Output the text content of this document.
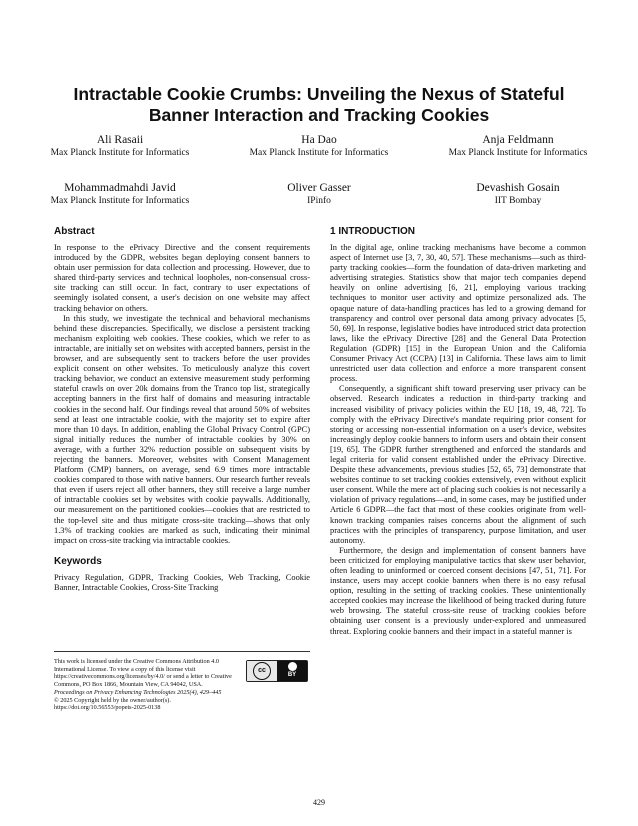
Intractable Cookie Crumbs: Unveiling the Nexus of Stateful
Banner Interaction and Tracking Cookies
Ali Rasaii
Max Planck Institute for Informatics
Ha Dao
Max Planck Institute for Informatics
Anja Feldmann
Max Planck Institute for Informatics
Mohammadmahdi Javid
Max Planck Institute for Informatics
Oliver Gasser
IPinfo
Devashish Gosain
IIT Bombay
Abstract

In response to the ePrivacy Directive and the consent requirements introduced by the GDPR, websites began deploying consent banners to obtain user permission for data collection and processing. However, due to shared third-party services and technical loopholes, non-consensual cross-site tracking can still occur. In fact, contrary to user expectations of seemingly isolated consent, a user's decision on one website may affect tracking behavior on others.

In this study, we investigate the technical and behavioral mechanisms behind these discrepancies. Specifically, we disclose a persistent tracking mechanism exploiting web cookies. These cookies, which we refer to as intractable, are initially set on websites with accepted banners, persist in the browser, and are subsequently sent to trackers before the user provides explicit consent on other websites. To meticulously analyze this covert tracking behavior, we conduct an extensive measurement study performing stateful crawls on over 20k domains from the Tranco top list, strategically accepting banners in the first half of domains and measuring intractable cookies in the second half. Our findings reveal that around 50% of websites send at least one intractable cookie, with the majority set to expire after more than 10 days. In addition, enabling the Global Privacy Control (GPC) signal initially reduces the number of intractable cookies by 30% on average, with a further 32% reduction possible on subsequent visits by rejecting the banners. Moreover, websites with Consent Management Platform (CMP) banners, on average, send 6.9 times more intractable cookies compared to those with native banners. Our research further reveals that even if users reject all other banners, they still receive a large number of intractable cookies set by websites with cookie paywalls. Additionally, our measurement on the partitioned cookies—cookies that are restricted to the top-level site and thus mitigate cross-site tracking—shows that only 1.3% of tracking cookies are marked as such, indicating their minimal impact on cross-site tracking via intractable cookies.

Keywords

Privacy Regulation, GDPR, Tracking Cookies, Web Tracking, Cookie Banner, Intractable Cookies, Cross-Site Tracking

This work is licensed under the Creative Commons Attribution 4.0 International License. To view a copy of this license visit https://creativecommons.org/licenses/by/4.0/ or send a letter to Creative Commons, PO Box 1866, Mountain View, CA 94042, USA.
Proceedings on Privacy Enhancing Technologies 2025(4), 429–445
© 2025 Copyright held by the owner/author(s).
https://doi.org/10.56553/popets-2025-0138
cc
BY
1 INTRODUCTION

In the digital age, online tracking mechanisms have become a common aspect of Internet use [3, 7, 30, 40, 57]. These mechanisms—such as third-party tracking cookies—form the foundation of data-driven marketing and advertising strategies. Statistics show that major tech companies depend heavily on online advertising [6, 21], employing various tracking techniques to monitor user activity and optimize personalized ads. The opaque nature of data-handling practices has led to a growing demand for transparency and control over personal data among privacy advocates [5, 50, 69]. In response, legislative bodies have introduced strict data protection laws, like the ePrivacy Directive [28] and the General Data Protection Regulation (GDPR) [15] in the European Union and the California Consumer Privacy Act (CCPA) [13] in California. These laws aim to limit unrestricted user data collection and enforce a more transparent consent process.

Consequently, a significant shift toward preserving user privacy can be observed. Research indicates a reduction in third-party tracking and increased visibility of privacy policies within the EU [18, 19, 48, 72]. To comply with the ePrivacy Directive's mandate requiring prior consent for storing or accessing non-essential information on a user's device, websites increasingly deploy cookie banners to inform users and obtain their consent [19, 65]. The GDPR further strengthened and enforced the standards and legal criteria for valid consent established under the ePrivacy Directive. Despite these advancements, previous studies [52, 65, 73] demonstrate that websites continue to set tracking cookies extensively, even without explicit user consent. While the mere act of placing such cookies is not necessarily a violation of privacy regulations—and, in some cases, may be justified under Article 6 GDPR—the fact that most of these cookies originate from well-known tracking companies raises concerns about the alignment of such practices with the principles of transparency, purpose limitation, and user autonomy.

Furthermore, the design and implementation of consent banners have been criticized for employing manipulative tactics that skew user behavior, often leading to uninformed or coerced consent decisions [47, 51, 71]. For instance, users may accept cookie banners when there is no easy refusal option, resulting in the setting of tracking cookies. These unintentionally accepted cookies may increase the likelihood of being tracked during future web browsing. The stateful cross-site reuse of tracking cookies before obtaining user consent is a previously under-explored and unmeasured threat. Exploring cookie banners and their impact in a stateful manner is

429
